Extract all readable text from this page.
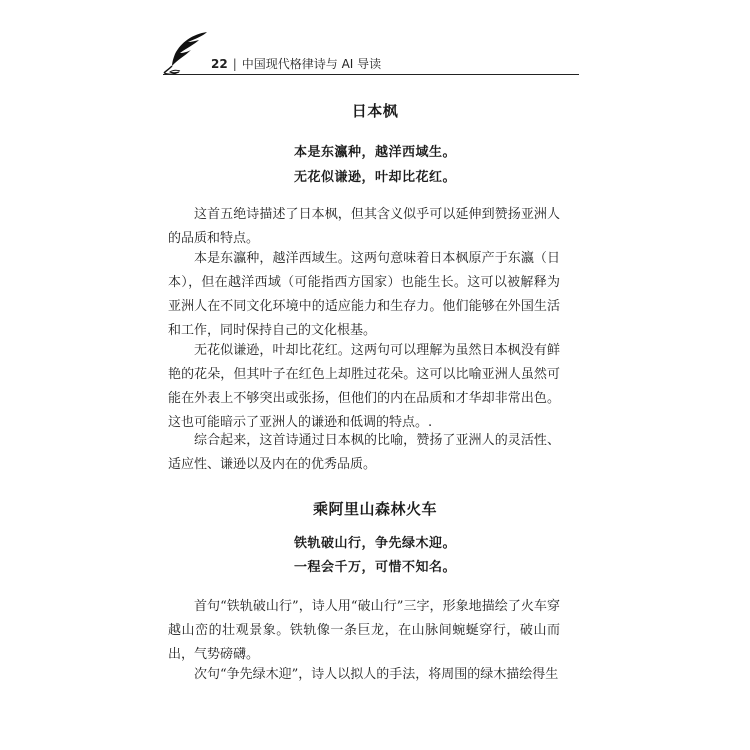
22 | 中国现代格律诗与 AI 导读
日本枫
本是东瀛种，越洋西域生。
无花似谦逊，叶却比花红。
这首五绝诗描述了日本枫，但其含义似乎可以延伸到赞扬亚洲人的品质和特点。
本是东瀛种，越洋西域生。这两句意味着日本枫原产于东瀛（日本），但在越洋西域（可能指西方国家）也能生长。这可以被解释为亚洲人在不同文化环境中的适应能力和生存力。他们能够在外国生活和工作，同时保持自己的文化根基。
无花似谦逊，叶却比花红。这两句可以理解为虽然日本枫没有鲜艳的花朵，但其叶子在红色上却胜过花朵。这可以比喻亚洲人虽然可能在外表上不够突出或张扬，但他们的内在品质和才华却非常出色。这也可能暗示了亚洲人的谦逊和低调的特点。.
综合起来，这首诗通过日本枫的比喻，赞扬了亚洲人的灵活性、适应性、谦逊以及内在的优秀品质。
乘阿里山森林火车
铁轨破山行，争先绿木迎。
一程会千万，可惜不知名。
首句“铁轨破山行”，诗人用“破山行”三字，形象地描绘了火车穿越山峦的壮观景象。铁轨像一条巨龙，在山脉间蜿蜒穿行，破山而出，气势磅礴。
次句“争先绿木迎”，诗人以拟人的手法，将周围的绿木描绘得生
